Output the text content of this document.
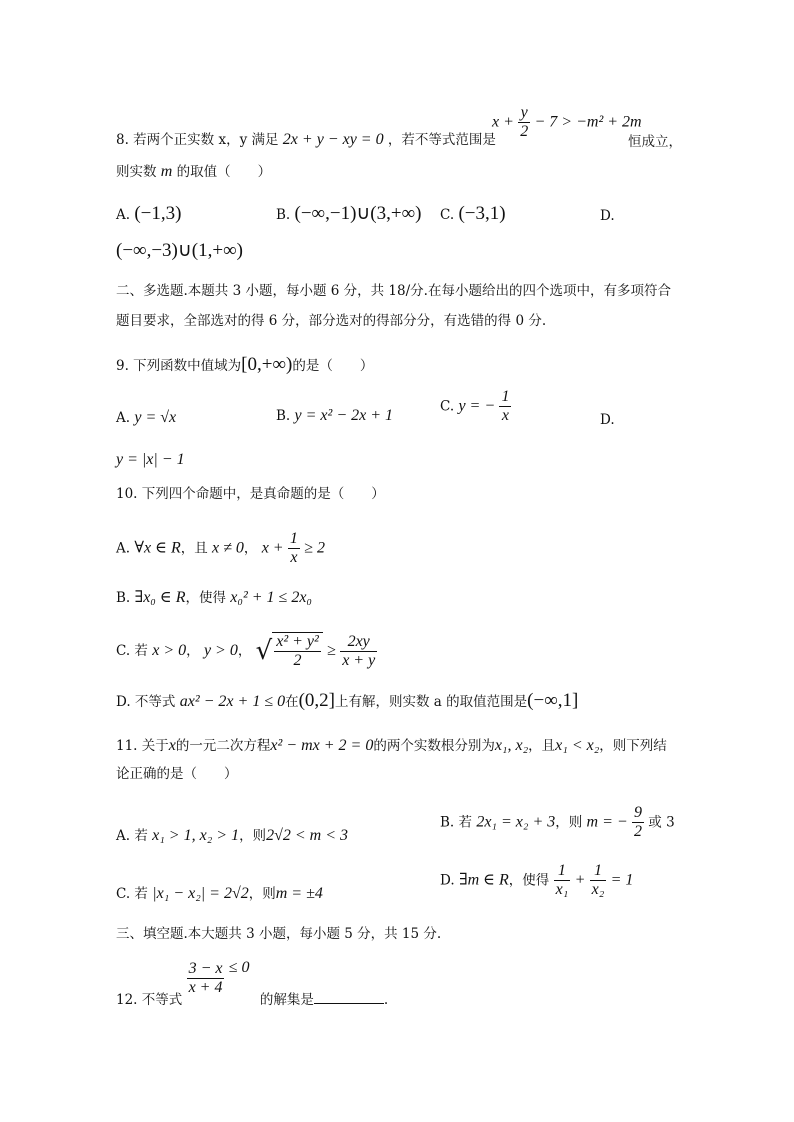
8. 若两个正实数 x，y 满足 2x + y − xy = 0 ，若不等式范围是
$x + \frac{y}{2} - 7 > -m^2 + 2m$
恒成立，
则实数 m 的取值（　　）
A. (−1,3)	B. (−∞,−1)∪(3,+∞) C. (−3,1)	D.
(−∞,−3)∪(1,+∞)
二、多选题.本题共 3 小题，每小题 6 分，共 18/分.在每小题给出的四个选项中，有多项符合
题目要求，全部选对的得 6 分，部分选对的得部分分，有选错的得 0 分.
9. 下列函数中值域为[0,+∞)的是（　　）
A. y = √x	B. y = x² − 2x + 1
C. y = − $\frac{1}{x}$	D.
y = |x| − 1
10. 下列四个命题中，是真命题的是（　　）
A. ∀x ∈ R，且 x ≠ 0， $x + \frac{1}{x} \ge 2$
B. ∃x₀ ∈ R，使得 x₀² + 1 ≤ 2x₀
C. 若 x > 0， y > 0， √ $\frac{\text{x² + y²}}{2} \ge \frac{2xy}{x + y}$
D. 不等式 ax² − 2x + 1 ≤ 0在(0,2]上有解，则实数 a 的取值范围是(−∞,1]
11. 关于x的一元二次方程x² − mx + 2 = 0的两个实数根分别为x₁, x₂，且x₁ < x₂，则下列结
论正确的是（　　）
A. 若 x₁ > 1, x₂ > 1，则2√2 < m < 3
B. 若 2x₁ = x₂ + 3，则 m = − $\frac{9}{2}$ 或 3
C. 若 |x₁ − x₂| = 2√2，则m = ±4
D. ∃m ∈ R，使得 $\frac{1}{\text{x₁}} + \frac{1}{\text{x₂}} = 1$
三、填空题.本大题共 3 小题，每小题 5 分，共 15 分.
12. 不等式
$\frac{3 - x}{x + 4} \le 0$ 的解集是	.
